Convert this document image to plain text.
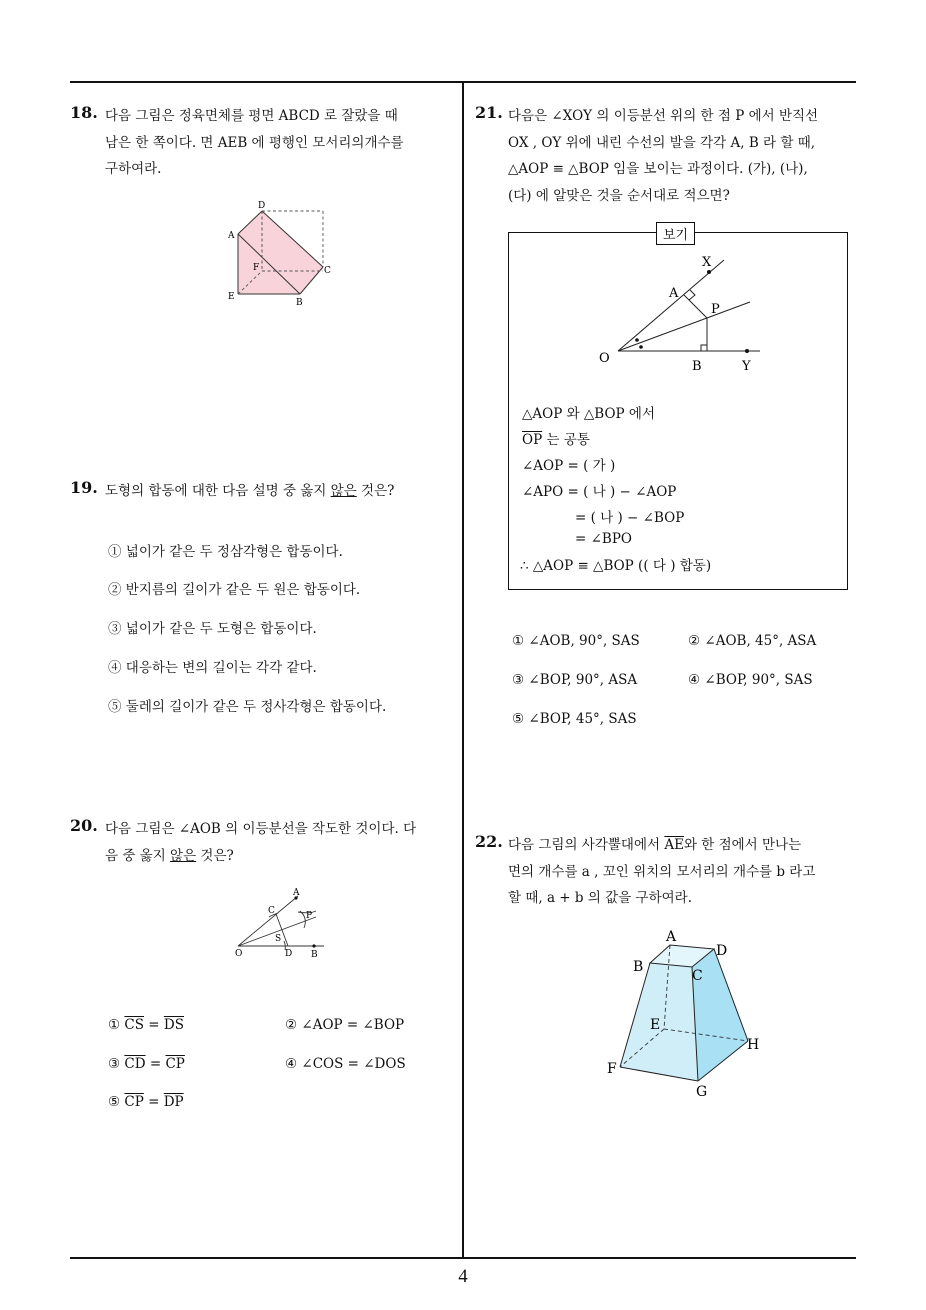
18. 다음 그림은 정육면체를 평면 ABCD 로 잘랐을 때
남은 한 쪽이다. 면 AEB 에 평행인 모서리의개수를
구하여라.
D
A
F	C
E
B
19. 도형의 합동에 대한 다음 설명 중 옳지 않은 것은?
① 넓이가 같은 두 정삼각형은 합동이다.
② 반지름의 길이가 같은 두 원은 합동이다.
③ 넓이가 같은 두 도형은 합동이다.
④ 대응하는 변의 길이는 각각 같다.
⑤ 둘레의 길이가 같은 두 정사각형은 합동이다.
20. 다음 그림은 ∠AOB 의 이등분선을 작도한 것이다. 다
음 중 옳지 않은 것은?
A
C	P
S
O	D B
① $\overline{CS} = \overline{DS}$	② ∠AOP = ∠BOP
③ $\overline{CD} = \overline{CP}$	④ ∠COS = ∠DOS
⑤ $\overline{CP} = \overline{DP}$
21. 다음은 ∠XOY 의 이등분선 위의 한 점 P 에서 반직선
OX , OY 위에 내린 수선의 발을 각각 A, B 라 할 때,
△AOP ≡ △BOP 임을 보이는 과정이다. (가), (나),
(다) 에 알맞은 것을 순서대로 적으면?
보기
X
A
P
O
B	Y
△AOP 와 △BOP 에서
$\overline{OP}$ 는 공통
∠AOP = ( 가 )
∠APO = ( 나 ) − ∠AOP
= ( 나 ) − ∠BOP
= ∠BPO
∴ △AOP ≡ △BOP (( 다 ) 합동)
① ∠AOB, 90°, SAS	② ∠AOB, 45°, ASA
③ ∠BOP, 90°, ASA	④ ∠BOP, 90°, SAS
⑤ ∠BOP, 45°, SAS
22. 다음 그림의 사각뿔대에서 $\overline{AE}$와 한 점에서 만나는
면의 개수를 a , 꼬인 위치의 모서리의 개수를 b 라고
할 때, a + b 의 값을 구하여라.
A
B
C
D
E
F
G
H
4
